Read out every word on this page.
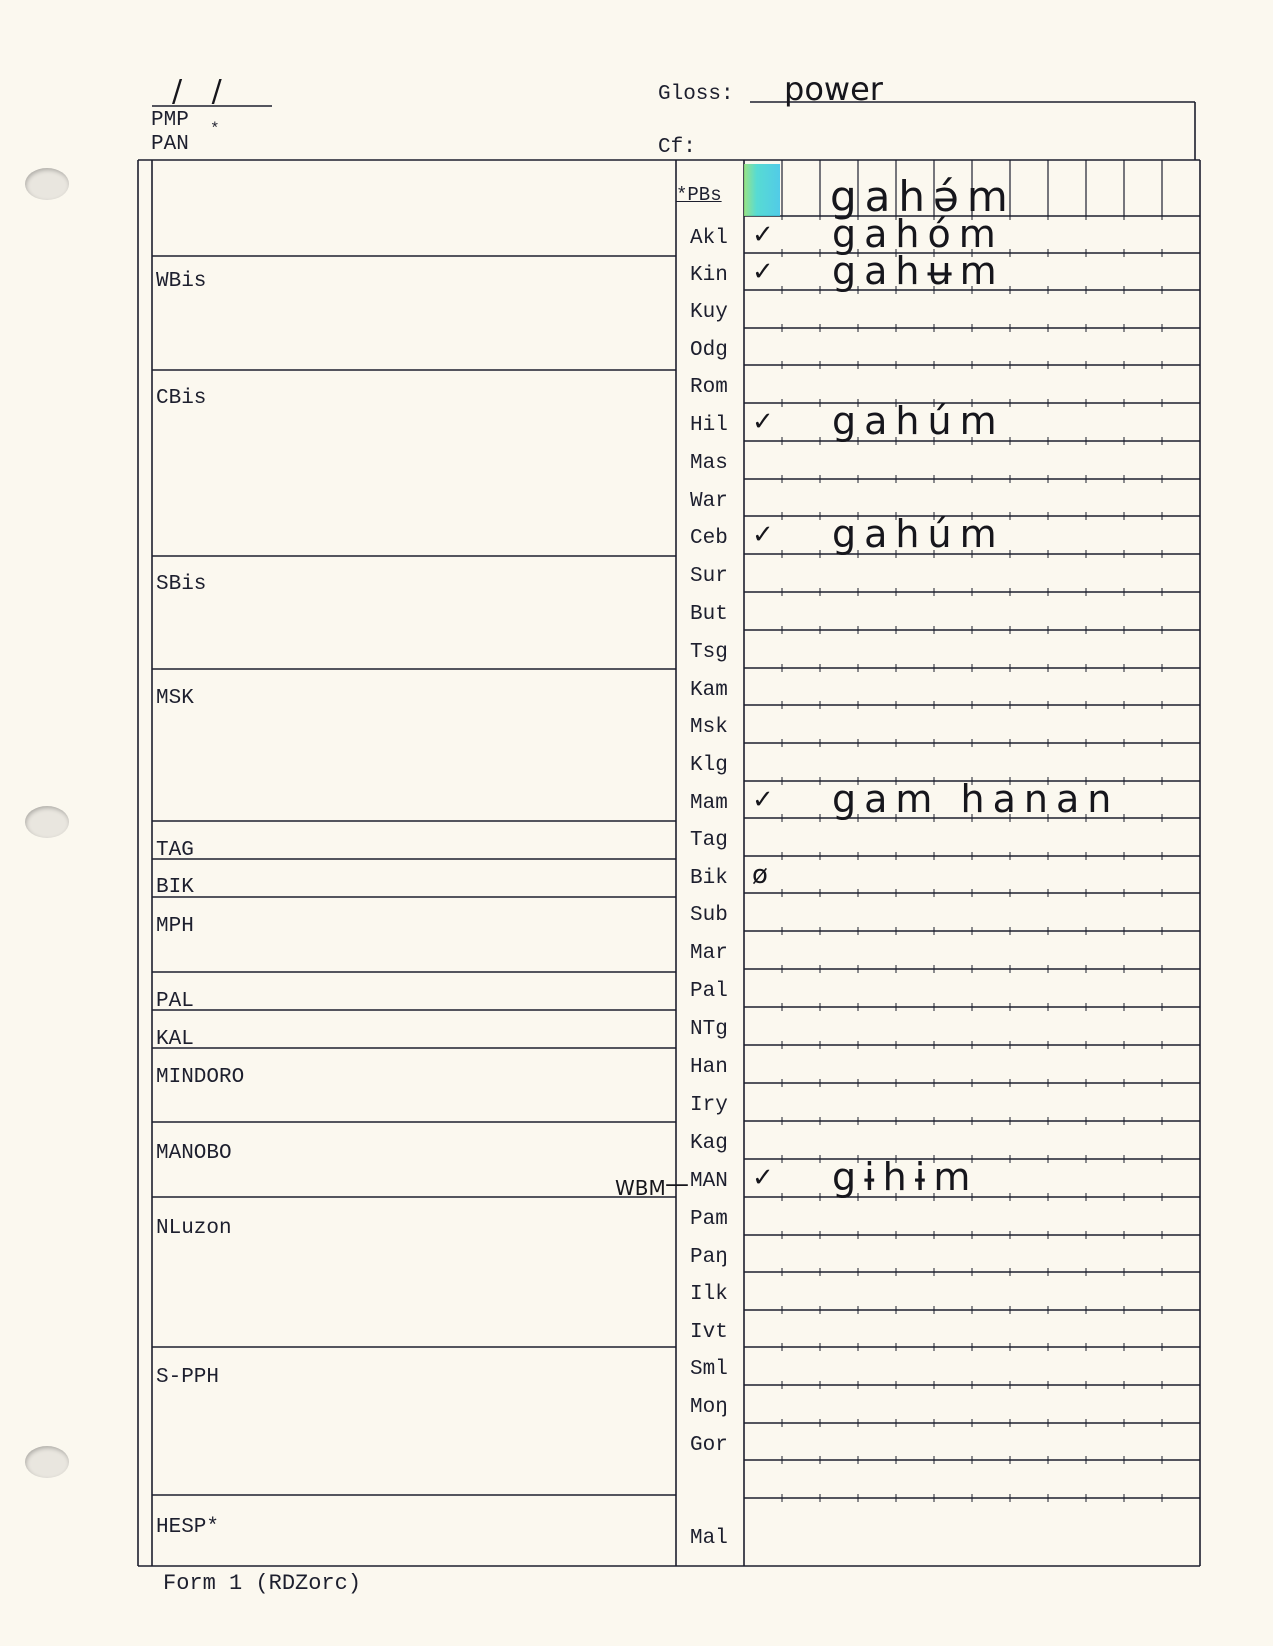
/ /
PMP
PAN
*
Gloss: power
Cf:
WBis
CBis
SBis
MSK
TAG
BIK
MPH
PAL
KAL
MINDORO
MANOBO
NLuzon
S-PPH
HESP*
*PBs	gahə́m
Akl ✓ gahóm
Kin ✓ gahʉm
Kuy
Odg
Rom
Hil ✓ gahúm
Mas
War
Ceb ✓ gahúm
Sur
But
Tsg
Kam
Msk
Klg
Mam ✓ gam hanan
Tag
Bik ø
Sub
Mar
Pal
NTg
Han
Iry
Kag
MAN ✓ gɨhɨm
Pam
Paŋ
Ilk
Ivt
Sml
Moŋ
Gor
Mal
WBM —
Form 1 (RDZorc)
